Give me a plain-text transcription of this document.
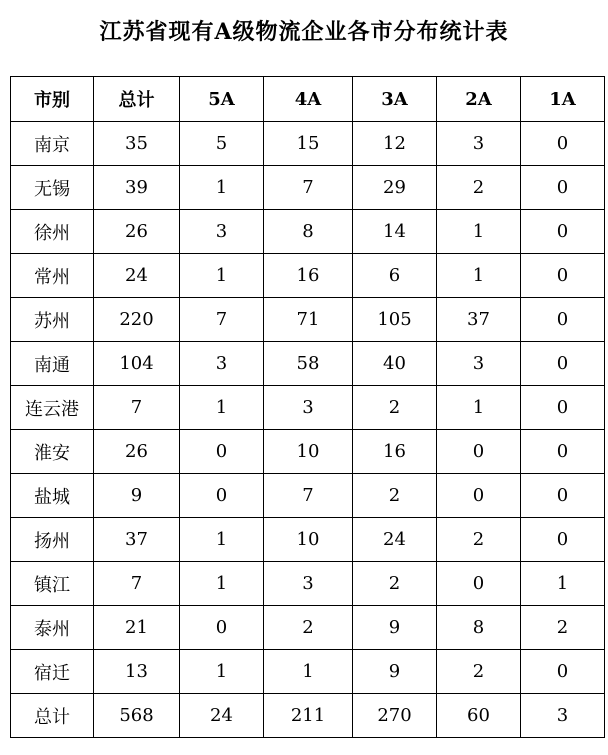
江苏省现有A级物流企业各市分布统计表
市别	总计	5A	4A	3A	2A	1A
南京	35	5	15	12	3	0
无锡	39	1	7	29	2	0
徐州	26	3	8	14	1	0
常州	24	1	16	6	1	0
苏州	220	7	71	105	37	0
南通	104	3	58	40	3	0
连云港	7	1	3	2	1	0
淮安	26	0	10	16	0	0
盐城	9	0	7	2	0	0
扬州	37	1	10	24	2	0
镇江	7	1	3	2	0	1
泰州	21	0	2	9	8	2
宿迁	13	1	1	9	2	0
总计	568	24	211	270	60	3
